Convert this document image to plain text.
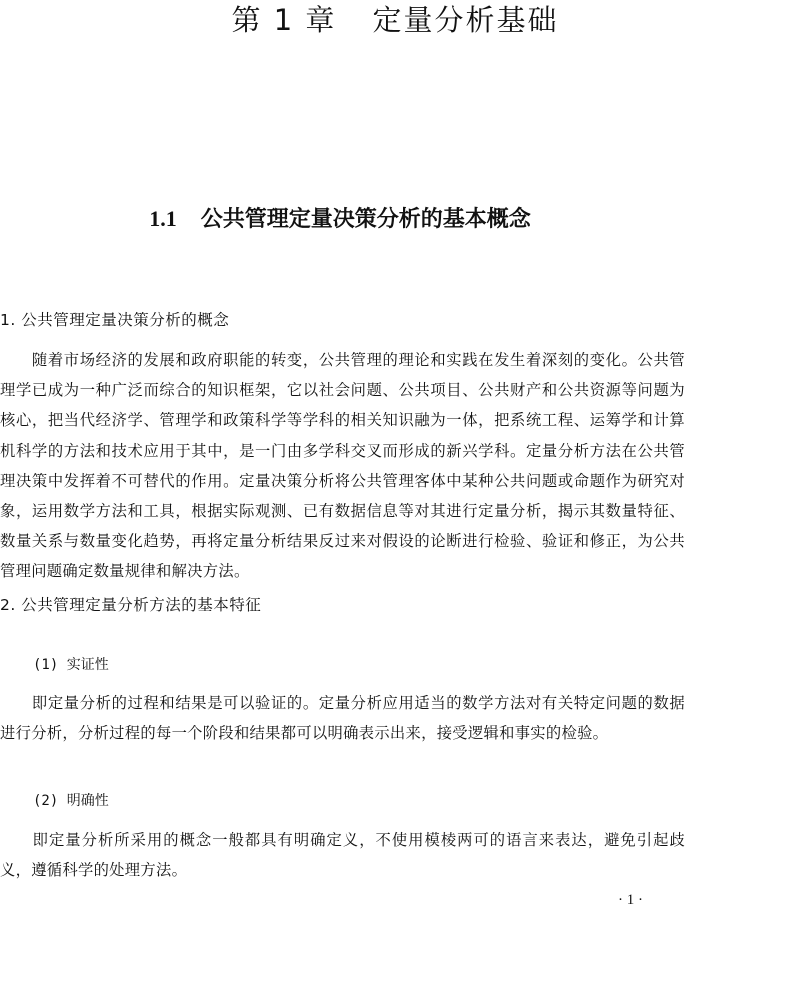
第 1 章 定量分析基础
1.1 公共管理定量决策分析的基本概念
1. 公共管理定量决策分析的概念
　　随着市场经济的发展和政府职能的转变，公共管理的理论和实践在发生着深刻的变化。公共管理学已成为一种广泛而综合的知识框架，它以社会问题、公共项目、公共财产和公共资源等问题为核心，把当代经济学、管理学和政策科学等学科的相关知识融为一体，把系统工程、运筹学和计算机科学的方法和技术应用于其中，是一门由多学科交叉而形成的新兴学科。定量分析方法在公共管理决策中发挥着不可替代的作用。定量决策分析将公共管理客体中某种公共问题或命题作为研究对象，运用数学方法和工具，根据实际观测、已有数据信息等对其进行定量分析，揭示其数量特征、数量关系与数量变化趋势，再将定量分析结果反过来对假设的论断进行检验、验证和修正，为公共管理问题确定数量规律和解决方法。
2. 公共管理定量分析方法的基本特征
(1) 实证性
　　即定量分析的过程和结果是可以验证的。定量分析应用适当的数学方法对有关特定问题的数据进行分析，分析过程的每一个阶段和结果都可以明确表示出来，接受逻辑和事实的检验。
(2) 明确性
　　即定量分析所采用的概念一般都具有明确定义，不使用模棱两可的语言来表达，避免引起歧义，遵循科学的处理方法。
· 1 ·
